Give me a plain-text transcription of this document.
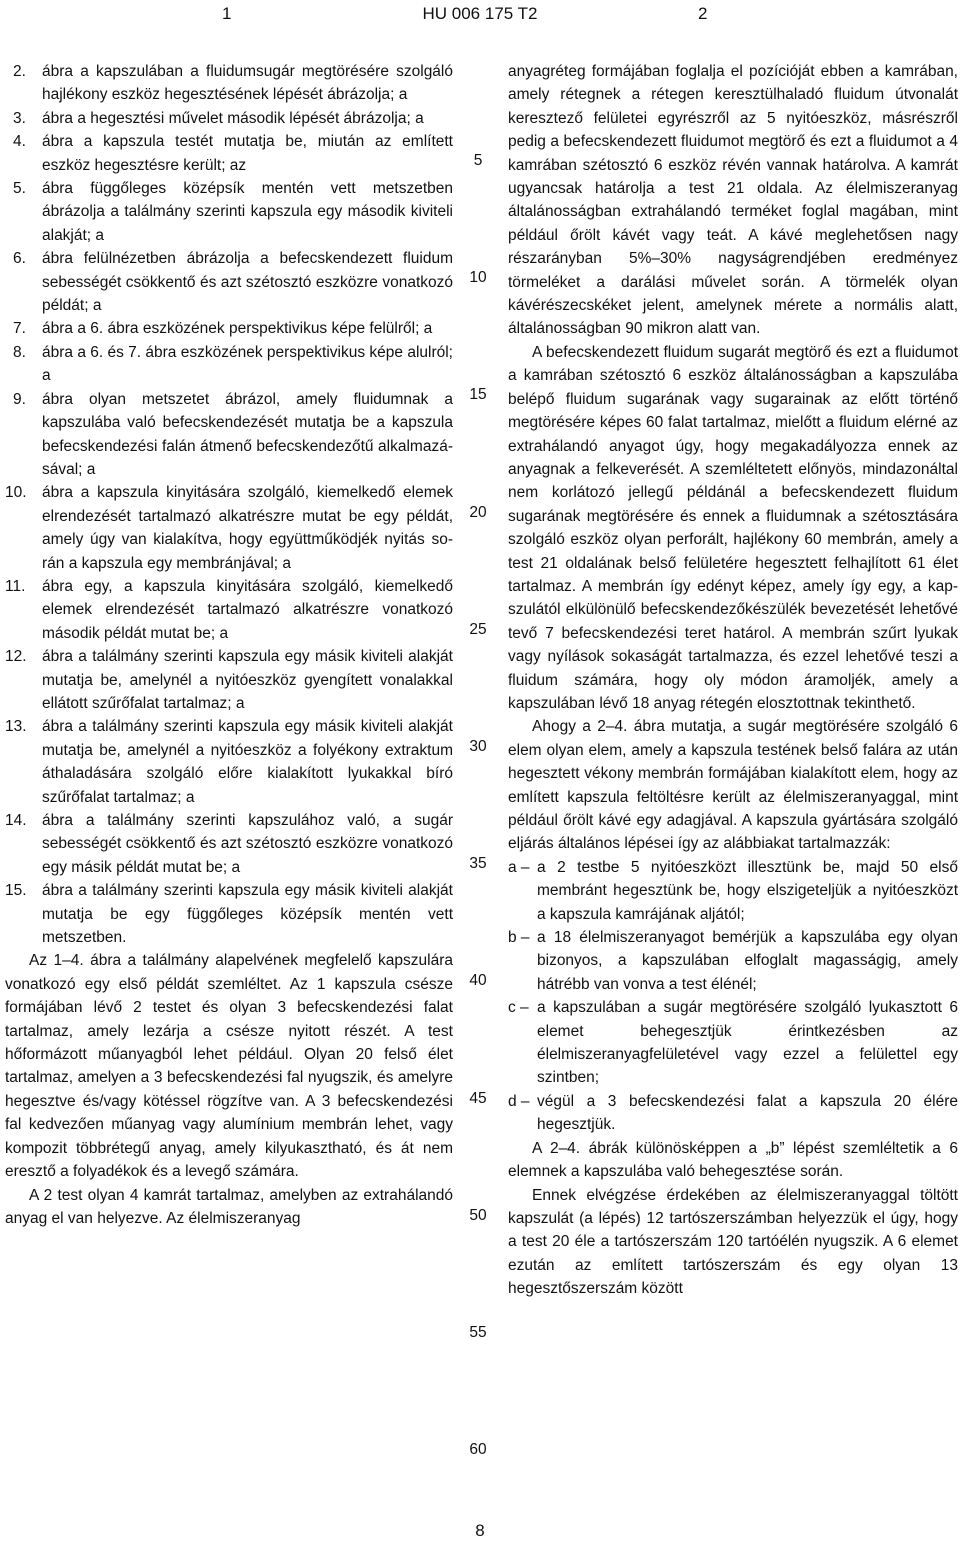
1	HU 006 175 T2	2
2.	ábra a kapszulában a fluidumsugár megtörésére szolgáló hajlékony eszköz hegesztésének lépését ábrázolja; a
3.	ábra a hegesztési művelet második lépését ábrázolja; a
4.	ábra a kapszula testét mutatja be, miután az említett eszköz hegesztésre került; az
5.	ábra függőleges középsík mentén vett metszetben ábrázolja a találmány szerinti kapszula egy második kiviteli alakját; a
6.	ábra felülnézetben ábrázolja a befecskendezett fluidum sebességét csökkentő és azt szétosztó eszközre vonatkozó példát; a
7.	ábra a 6. ábra eszközének perspektivikus képe felülről; a
8.	ábra a 6. és 7. ábra eszközének perspektivikus képe alulról; a
9.	ábra olyan metszetet ábrázol, amely fluidumnak a kapszulába való befecskendezését mutatja be a kapszula befecskendezési falán átmenő befecskendezőtű alkalmazásával; a
10. ábra a kapszula kinyitására szolgáló, kiemelkedő elemek elrendezését tartalmazó alkatrészre mutat be egy példát, amely úgy van kialakítva, hogy együttműködjék nyitás során a kapszula egy membránjával; a
11.	ábra egy, a kapszula kinyitására szolgáló, kiemelkedő elemek elrendezését tartalmazó alkatrészre vonatkozó második példát mutat be; a
12. ábra a találmány szerinti kapszula egy másik kiviteli alakját mutatja be, amelynél a nyitóeszköz gyengített vonalakkal ellátott szűrőfalat tartalmaz; a
13. ábra a találmány szerinti kapszula egy másik kiviteli alakját mutatja be, amelynél a nyitóeszköz a folyékony extraktum áthaladására szolgáló előre kialakított lyukakkal bíró szűrőfalat tartalmaz; a
14. ábra a találmány szerinti kapszulához való, a sugár sebességét csökkentő és azt szétosztó eszközre vonatkozó egy másik példát mutat be; a
15. ábra a találmány szerinti kapszula egy másik kiviteli alakját mutatja be egy függőleges középsík mentén vett metszetben.

Az 1–4. ábra a találmány alapelvének megfelelő kapszulára vonatkozó egy első példát szemléltet. Az 1 kapszula csésze formájában lévő 2 testet és olyan 3 befecskendezési falat tartalmaz, amely lezárja a csésze nyitott részét. A test hőformázott műanyagból lehet például. Olyan 20 felső élet tartalmaz, amelyen a 3 befecskendezési fal nyugszik, és amelyre hegesztve és/vagy kötéssel rögzítve van. A 3 befecskendezési fal kedvezően műanyag vagy alumínium membrán lehet, vagy kompozit többrétegű anyag, amely kilyukasztható, és át nem eresztő a folyadékok és a levegő számára.

A 2 test olyan 4 kamrát tartalmaz, amelyben az extrahálandó anyag el van helyezve. Az élelmiszeranyag

5
10
15
20
25
30
35
40
45
50
55
60

anyagréteg formájában foglalja el pozícióját ebben a kamrában, amely rétegnek a rétegen keresztülhaladó fluidum útvonalát keresztező felületei egyrészről az 5 nyitóeszköz, másrészről pedig a befecskendezett fluidumot megtörő és ezt a fluidumot a 4 kamrában szétosztó 6 eszköz révén vannak határolva. A kamrát ugyancsak határolja a test 21 oldala. Az élelmiszeranyag általánosságban extrahálandó terméket foglal magában, mint például őrölt kávét vagy teát. A kávé meglehetősen nagy részarányban 5%–30% nagyságrendjében eredményez törmeléket a darálási művelet során. A törmelék olyan kávérészecskéket jelent, amelynek mérete a normális alatt, általánosságban 90 mikron alatt van.

A befecskendezett fluidum sugarát megtörő és ezt a fluidumot a kamrában szétosztó 6 eszköz általánosságban a kapszulába belépő fluidum sugarának vagy sugarainak az előtt történő megtörésére képes 60 falat tartalmaz, mielőtt a fluidum elérné az extrahálandó anyagot úgy, hogy megakadályozza ennek az anyagnak a felkeverését. A szemléltetett előnyös, mindazonáltal nem korlátozó jellegű példánál a befecskendezett fluidum sugarának megtörésére és ennek a fluidumnak a szétosztására szolgáló eszköz olyan perforált, hajlékony 60 membrán, amely a test 21 oldalának belső felületére hegesztett felhajlított 61 élet tartalmaz. A membrán így edényt képez, amely így egy, a kapszulától elkülönülő befecskendezőkészülék bevezetését lehetővé tevő 7 befecskendezési teret határol. A membrán szűrt lyukak vagy nyílások sokaságát tartalmazza, és ezzel lehetővé teszi a fluidum számára, hogy oly módon áramoljék, amely a kapszulában lévő 18 anyag rétegén elosztottnak tekinthető.

Ahogy a 2–4. ábra mutatja, a sugár megtörésére szolgáló 6 elem olyan elem, amely a kapszula testének belső falára az után hegesztett vékony membrán formájában kialakított elem, hogy az említett kapszula feltöltésre került az élelmiszeranyaggal, mint például őrölt kávé egy adagjával. A kapszula gyártására szolgáló eljárás általános lépései így az alábbiakat tartalmazzák:

a – a 2 testbe 5 nyitóeszközt illesztünk be, majd 50 első membránt hegesztünk be, hogy elszigeteljük a nyitóeszközt a kapszula kamrájának aljától;
b – a 18 élelmiszeranyagot bemérjük a kapszulába egy olyan bizonyos, a kapszulában elfoglalt magasságig, amely hátrébb van vonva a test élénél;
c – a kapszulában a sugár megtörésére szolgáló lyukasztott 6 elemet behegesztjük érintkezésben az élelmiszeranyagfelületével vagy ezzel a felülettel egy szintben;
d – végül a 3 befecskendezési falat a kapszula 20 élére hegesztjük.

A 2–4. ábrák különösképpen a „b” lépést szemléltetik a 6 elemnek a kapszulába való behegesztése során.

Ennek elvégzése érdekében az élelmiszeranyaggal töltött kapszulát (a lépés) 12 tartószerszámban helyezzük el úgy, hogy a test 20 éle a tartószerszám 120 tartóélén nyugszik. A 6 elemet ezután az említett tartószerszám és egy olyan 13 hegesztőszerszám között

8
